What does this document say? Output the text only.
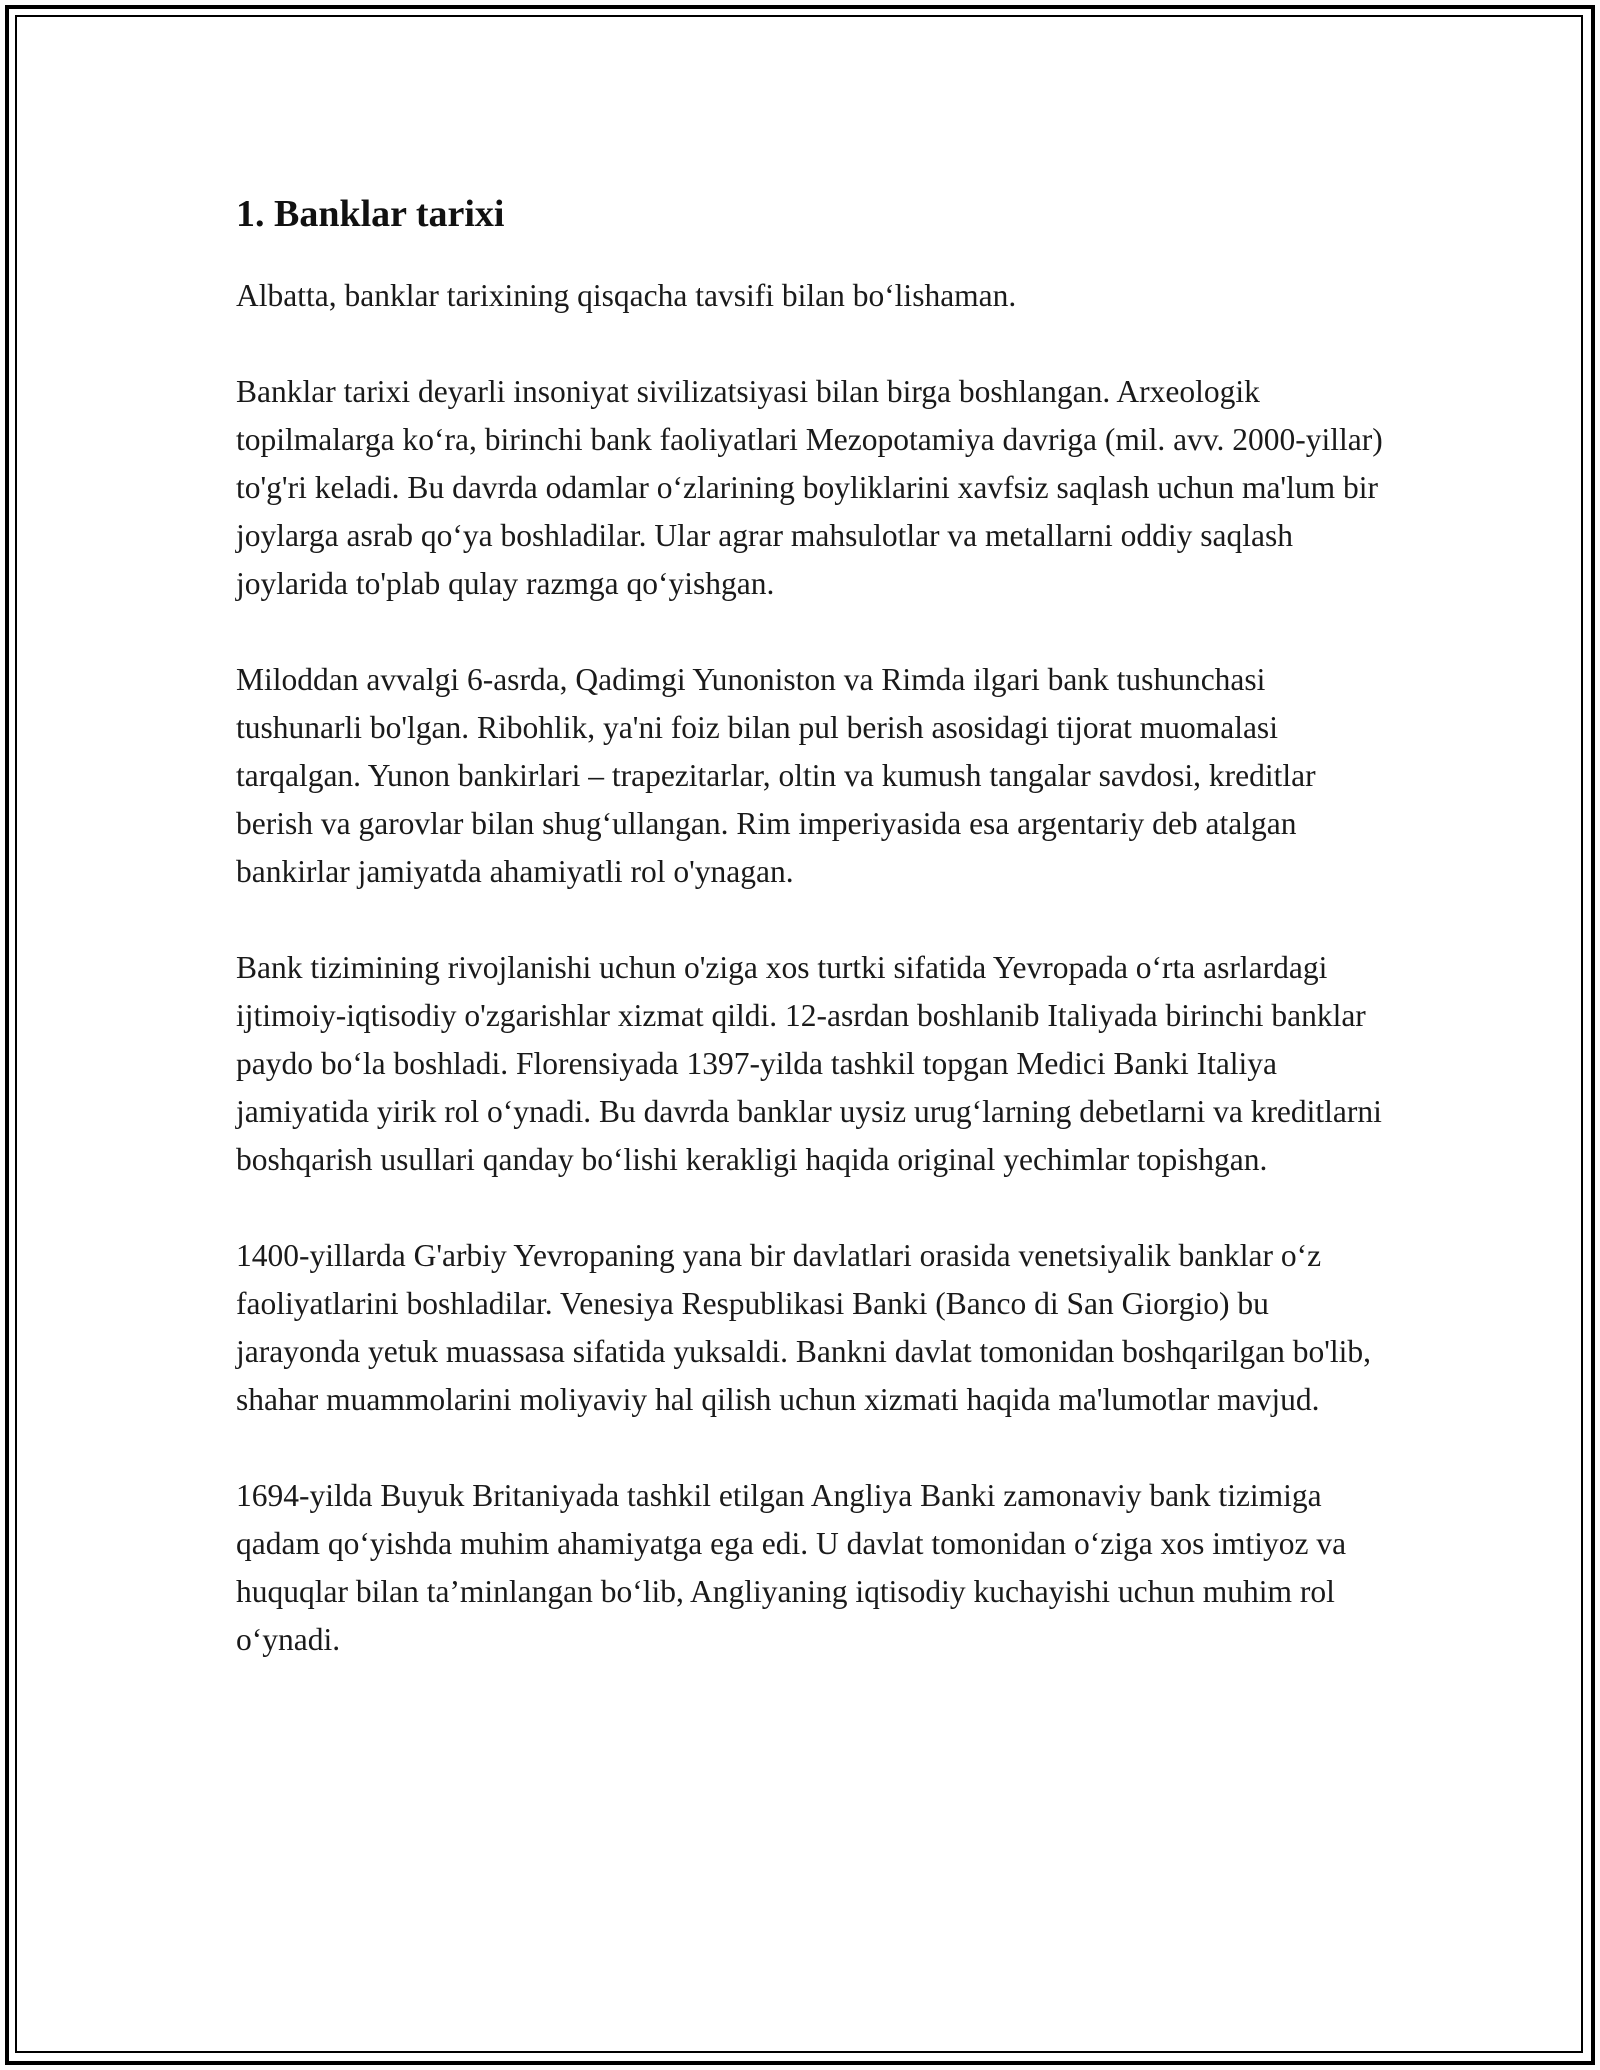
1. Banklar tarixi

Albatta, banklar tarixining qisqacha tavsifi bilan bo‘lishaman.

Banklar tarixi deyarli insoniyat sivilizatsiyasi bilan birga boshlangan. Arxeologik topilmalarga ko‘ra, birinchi bank faoliyatlari Mezopotamiya davriga (mil. avv. 2000-yillar) to'g'ri keladi. Bu davrda odamlar o‘zlarining boyliklarini xavfsiz saqlash uchun ma'lum bir joylarga asrab qo‘ya boshladilar. Ular agrar mahsulotlar va metallarni oddiy saqlash joylarida to'plab qulay razmga qo‘yishgan.

Miloddan avvalgi 6-asrda, Qadimgi Yunoniston va Rimda ilgari bank tushunchasi tushunarli bo'lgan. Ribohlik, ya'ni foiz bilan pul berish asosidagi tijorat muomalasi tarqalgan. Yunon bankirlari – trapezitarlar, oltin va kumush tangalar savdosi, kreditlar berish va garovlar bilan shug‘ullangan. Rim imperiyasida esa argentariy deb atalgan bankirlar jamiyatda ahamiyatli rol o'ynagan.

Bank tizimining rivojlanishi uchun o'ziga xos turtki sifatida Yevropada o‘rta asrlardagi ijtimoiy-iqtisodiy o'zgarishlar xizmat qildi. 12-asrdan boshlanib Italiyada birinchi banklar paydo bo‘la boshladi. Florensiyada 1397-yilda tashkil topgan Medici Banki Italiya jamiyatida yirik rol o‘ynadi. Bu davrda banklar uysiz urug‘larning debetlarni va kreditlarni boshqarish usullari qanday bo‘lishi kerakligi haqida original yechimlar topishgan.

1400-yillarda G'arbiy Yevropaning yana bir davlatlari orasida venetsiyalik banklar o‘z faoliyatlarini boshladilar. Venesiya Respublikasi Banki (Banco di San Giorgio) bu jarayonda yetuk muassasa sifatida yuksaldi. Bankni davlat tomonidan boshqarilgan bo'lib, shahar muammolarini moliyaviy hal qilish uchun xizmati haqida ma'lumotlar mavjud.

1694-yilda Buyuk Britaniyada tashkil etilgan Angliya Banki zamonaviy bank tizimiga qadam qo‘yishda muhim ahamiyatga ega edi. U davlat tomonidan o‘ziga xos imtiyoz va huquqlar bilan ta’minlangan bo‘lib, Angliyaning iqtisodiy kuchayishi uchun muhim rol o‘ynadi.
